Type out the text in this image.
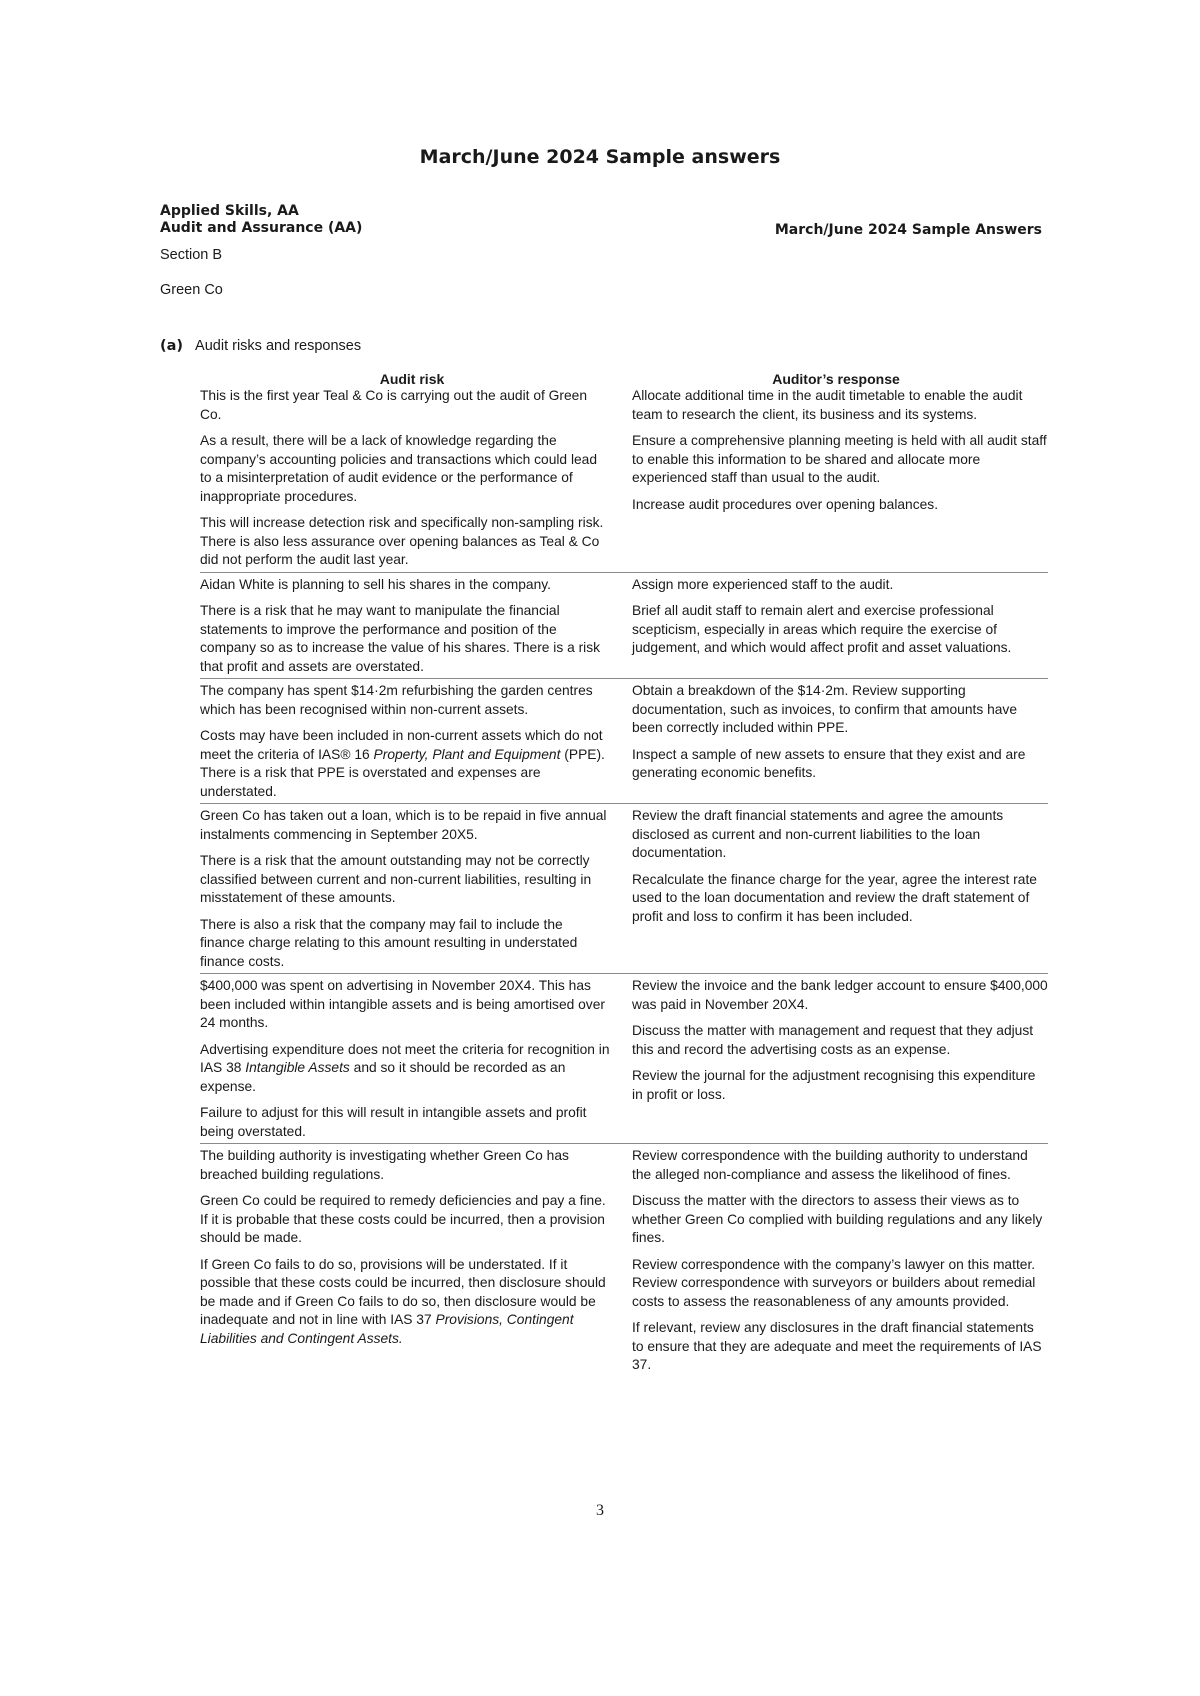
March/June 2024 Sample answers
Applied Skills, AA
Audit and Assurance (AA)	March/June 2024 Sample Answers
Section B
Green Co
(a) Audit risks and responses
Audit risk	Auditor’s response

This is the first year Teal & Co is carrying out the audit of Green Co.

As a result, there will be a lack of knowledge regarding the company’s accounting policies and transactions which could lead to a misinterpretation of audit evidence or the performance of inappropriate procedures.

This will increase detection risk and specifically non-sampling risk. There is also less assurance over opening balances as Teal & Co did not perform the audit last year.

Allocate additional time in the audit timetable to enable the audit team to research the client, its business and its systems.

Ensure a comprehensive planning meeting is held with all audit staff to enable this information to be shared and allocate more experienced staff than usual to the audit.

Increase audit procedures over opening balances.

Aidan White is planning to sell his shares in the company.

There is a risk that he may want to manipulate the financial statements to improve the performance and position of the company so as to increase the value of his shares. There is a risk that profit and assets are overstated.

Assign more experienced staff to the audit.

Brief all audit staff to remain alert and exercise professional scepticism, especially in areas which require the exercise of judgement, and which would affect profit and asset valuations.

The company has spent $14·2m refurbishing the garden centres which has been recognised within non-current assets.

Costs may have been included in non-current assets which do not meet the criteria of IAS® 16 Property, Plant and Equipment (PPE). There is a risk that PPE is overstated and expenses are understated.

Obtain a breakdown of the $14·2m. Review supporting documentation, such as invoices, to confirm that amounts have been correctly included within PPE.

Inspect a sample of new assets to ensure that they exist and are generating economic benefits.

Green Co has taken out a loan, which is to be repaid in five annual instalments commencing in September 20X5.

There is a risk that the amount outstanding may not be correctly classified between current and non-current liabilities, resulting in misstatement of these amounts.

There is also a risk that the company may fail to include the finance charge relating to this amount resulting in understated finance costs.

Review the draft financial statements and agree the amounts disclosed as current and non-current liabilities to the loan documentation.

Recalculate the finance charge for the year, agree the interest rate used to the loan documentation and review the draft statement of profit and loss to confirm it has been included.

$400,000 was spent on advertising in November 20X4. This has been included within intangible assets and is being amortised over 24 months.

Advertising expenditure does not meet the criteria for recognition in IAS 38 Intangible Assets and so it should be recorded as an expense.

Failure to adjust for this will result in intangible assets and profit being overstated.

Review the invoice and the bank ledger account to ensure $400,000 was paid in November 20X4.

Discuss the matter with management and request that they adjust this and record the advertising costs as an expense.

Review the journal for the adjustment recognising this expenditure in profit or loss.

The building authority is investigating whether Green Co has breached building regulations.

Green Co could be required to remedy deficiencies and pay a fine. If it is probable that these costs could be incurred, then a provision should be made.

If Green Co fails to do so, provisions will be understated. If it possible that these costs could be incurred, then disclosure should be made and if Green Co fails to do so, then disclosure would be inadequate and not in line with IAS 37 Provisions, Contingent Liabilities and Contingent Assets.

Review correspondence with the building authority to understand the alleged non-compliance and assess the likelihood of fines.

Discuss the matter with the directors to assess their views as to whether Green Co complied with building regulations and any likely fines.

Review correspondence with the company’s lawyer on this matter. Review correspondence with surveyors or builders about remedial costs to assess the reasonableness of any amounts provided.

If relevant, review any disclosures in the draft financial statements to ensure that they are adequate and meet the requirements of IAS 37.

3
